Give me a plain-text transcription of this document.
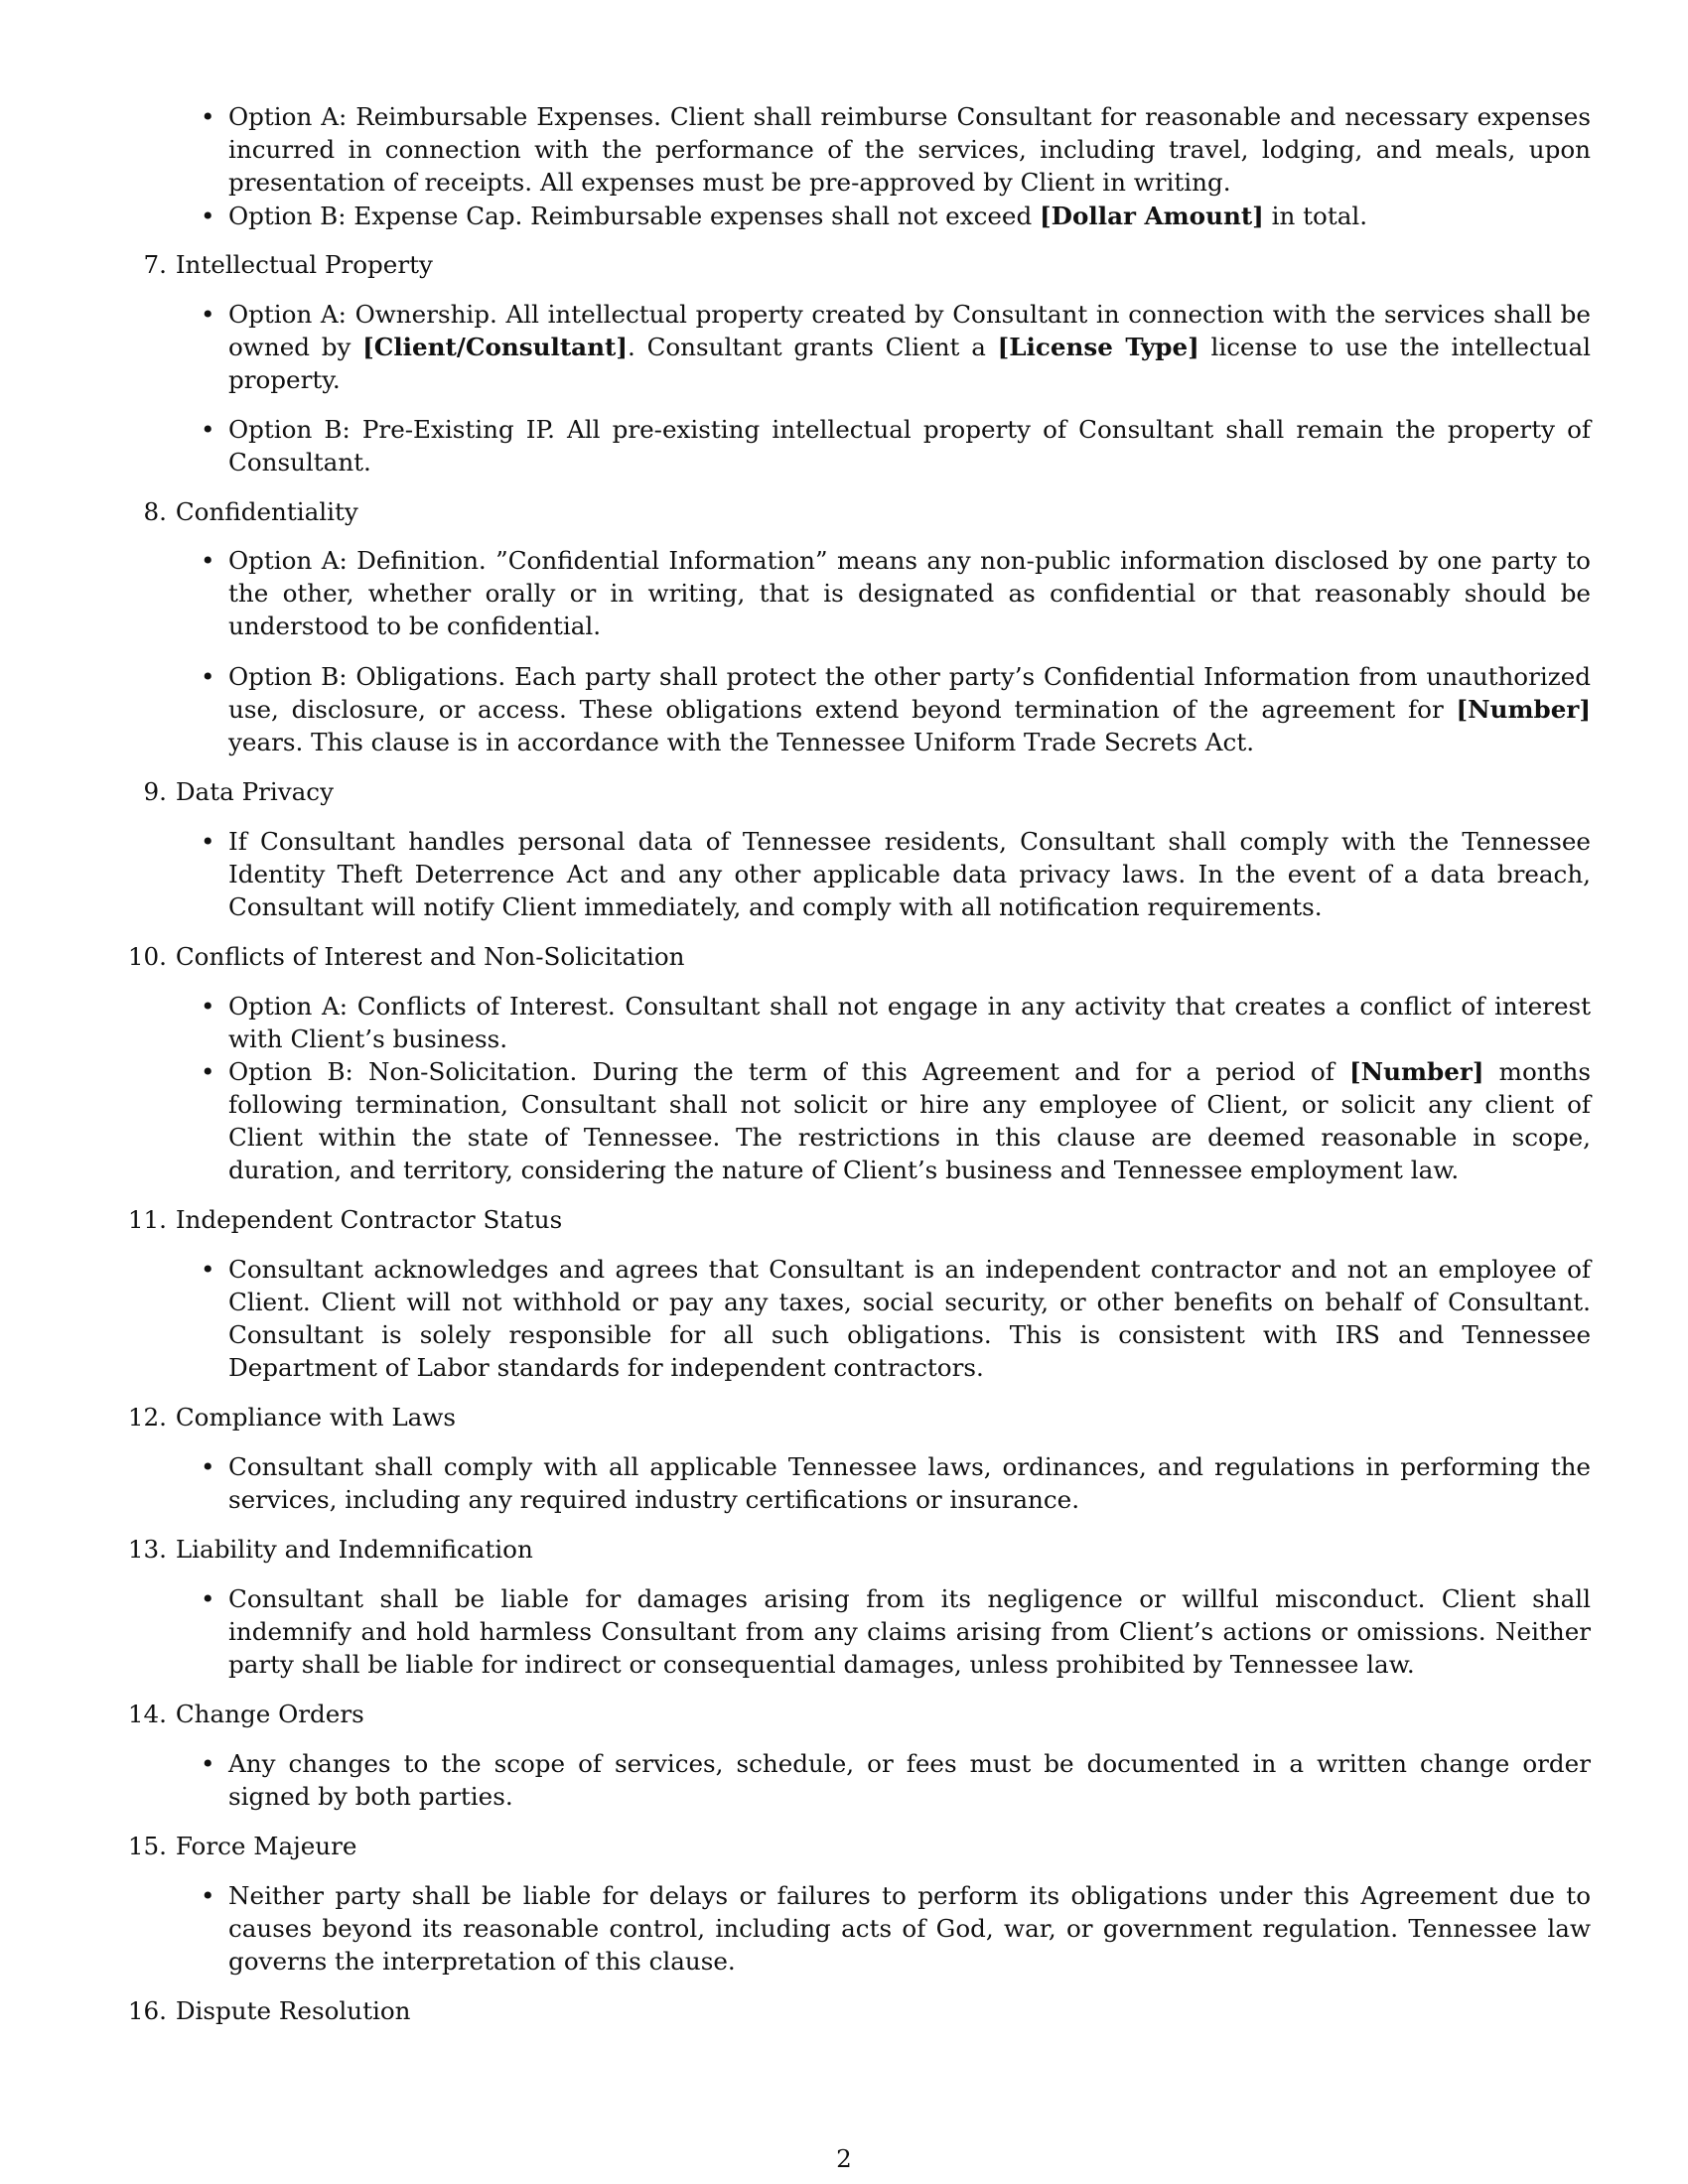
• Option A: Reimbursable Expenses. Client shall reimburse Consultant for reasonable and necessary expenses incurred in connection with the performance of the services, including travel, lodging, and meals, upon presentation of receipts. All expenses must be pre-approved by Client in writing.
• Option B: Expense Cap. Reimbursable expenses shall not exceed [Dollar Amount] in total.
7. Intellectual Property
• Option A: Ownership. All intellectual property created by Consultant in connection with the services shall be owned by [Client/Consultant]. Consultant grants Client a [License Type] license to use the intellectual property.
• Option B: Pre-Existing IP. All pre-existing intellectual property of Consultant shall remain the property of Consultant.
8. Confidentiality
• Option A: Definition. ”Confidential Information” means any non-public information disclosed by one party to the other, whether orally or in writing, that is designated as confidential or that reasonably should be understood to be confidential.
• Option B: Obligations. Each party shall protect the other party’s Confidential Information from unauthorized use, disclosure, or access. These obligations extend beyond termination of the agreement for [Number] years. This clause is in accordance with the Tennessee Uniform Trade Secrets Act.
9. Data Privacy
• If Consultant handles personal data of Tennessee residents, Consultant shall comply with the Tennessee Identity Theft Deterrence Act and any other applicable data privacy laws. In the event of a data breach, Consultant will notify Client immediately, and comply with all notification requirements.
10. Conflicts of Interest and Non-Solicitation
• Option A: Conflicts of Interest. Consultant shall not engage in any activity that creates a conflict of interest with Client’s business.
• Option B: Non-Solicitation. During the term of this Agreement and for a period of [Number] months following termination, Consultant shall not solicit or hire any employee of Client, or solicit any client of Client within the state of Tennessee. The restrictions in this clause are deemed reasonable in scope, duration, and territory, considering the nature of Client’s business and Tennessee employment law.
11. Independent Contractor Status
• Consultant acknowledges and agrees that Consultant is an independent contractor and not an employee of Client. Client will not withhold or pay any taxes, social security, or other benefits on behalf of Consultant. Consultant is solely responsible for all such obligations. This is consistent with IRS and Tennessee Department of Labor standards for independent contractors.
12. Compliance with Laws
• Consultant shall comply with all applicable Tennessee laws, ordinances, and regulations in performing the services, including any required industry certifications or insurance.
13. Liability and Indemnification
• Consultant shall be liable for damages arising from its negligence or willful misconduct. Client shall indemnify and hold harmless Consultant from any claims arising from Client’s actions or omissions. Neither party shall be liable for indirect or consequential damages, unless prohibited by Tennessee law.
14. Change Orders
• Any changes to the scope of services, schedule, or fees must be documented in a written change order signed by both parties.
15. Force Majeure
• Neither party shall be liable for delays or failures to perform its obligations under this Agreement due to causes beyond its reasonable control, including acts of God, war, or government regulation. Tennessee law governs the interpretation of this clause.
16. Dispute Resolution
2
